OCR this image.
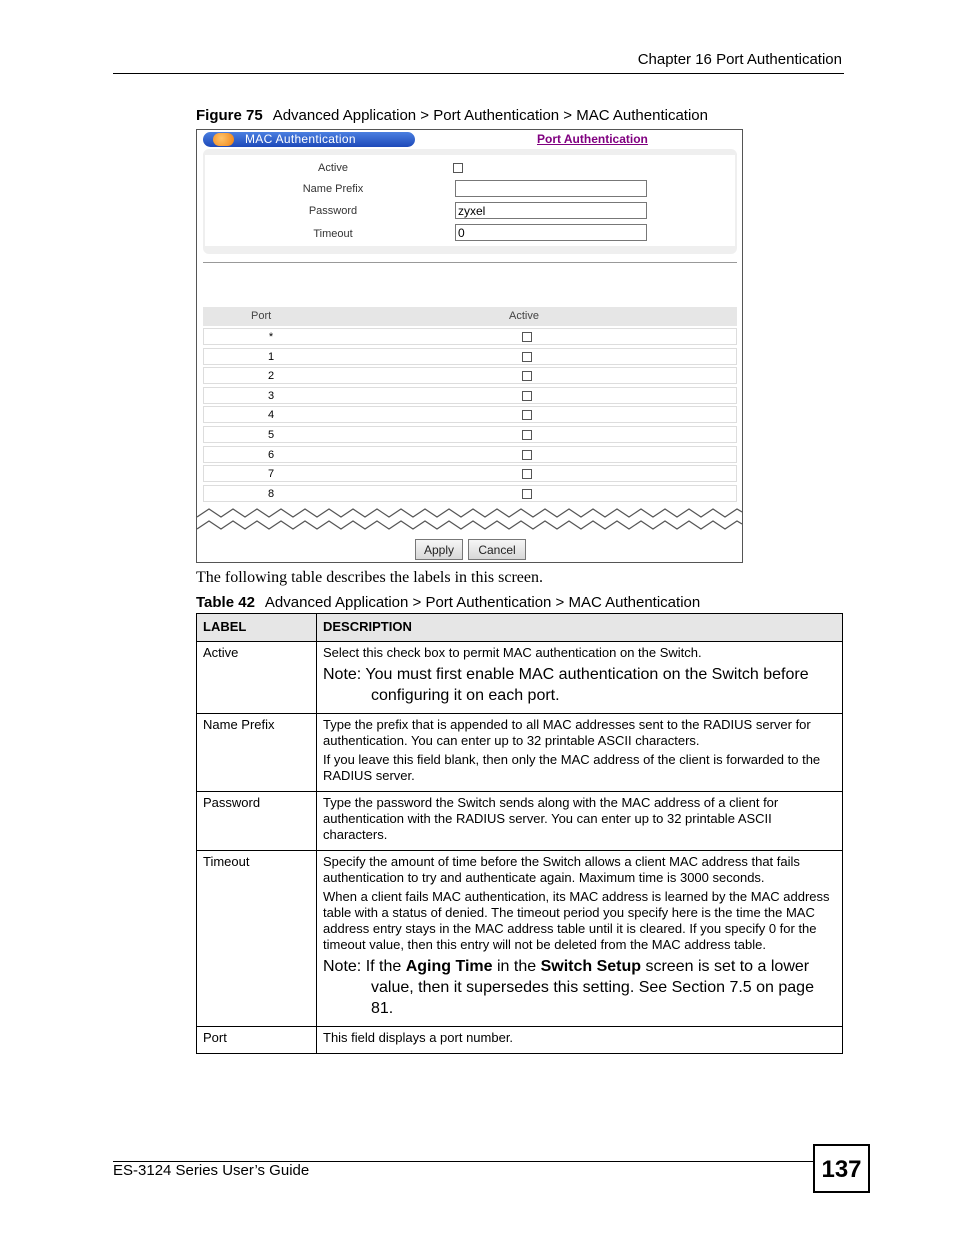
Chapter 16 Port Authentication
Figure 75 Advanced Application > Port Authentication > MAC Authentication
MAC Authentication	Port Authentication
Active
Name Prefix
Password	zyxel
Timeout	0
Port	Active
*
1
2
3
4
5
6
7
8
Apply	Cancel
The following table describes the labels in this screen.
Table 42 Advanced Application > Port Authentication > MAC Authentication
LABEL	DESCRIPTION
Active	Select this check box to permit MAC authentication on the Switch.

Note: You must first enable MAC authentication on the Switch before configuring it on each port.

Name Prefix	Type the prefix that is appended to all MAC addresses sent to the RADIUS server for authentication. You can enter up to 32 printable ASCII characters.

If you leave this field blank, then only the MAC address of the client is forwarded to the RADIUS server.

Password	Type the password the Switch sends along with the MAC address of a client for authentication with the RADIUS server. You can enter up to 32 printable ASCII characters.

Timeout	Specify the amount of time before the Switch allows a client MAC address that fails authentication to try and authenticate again. Maximum time is 3000 seconds.

When a client fails MAC authentication, its MAC address is learned by the MAC address table with a status of denied. The timeout period you specify here is the time the MAC address entry stays in the MAC address table until it is cleared. If you specify 0 for the timeout value, then this entry will not be deleted from the MAC address table.

Note: If the Aging Time in the Switch Setup screen is set to a lower value, then it supersedes this setting. See Section 7.5 on page 81.

Port	This field displays a port number.

ES-3124 Series User’s Guide	137
